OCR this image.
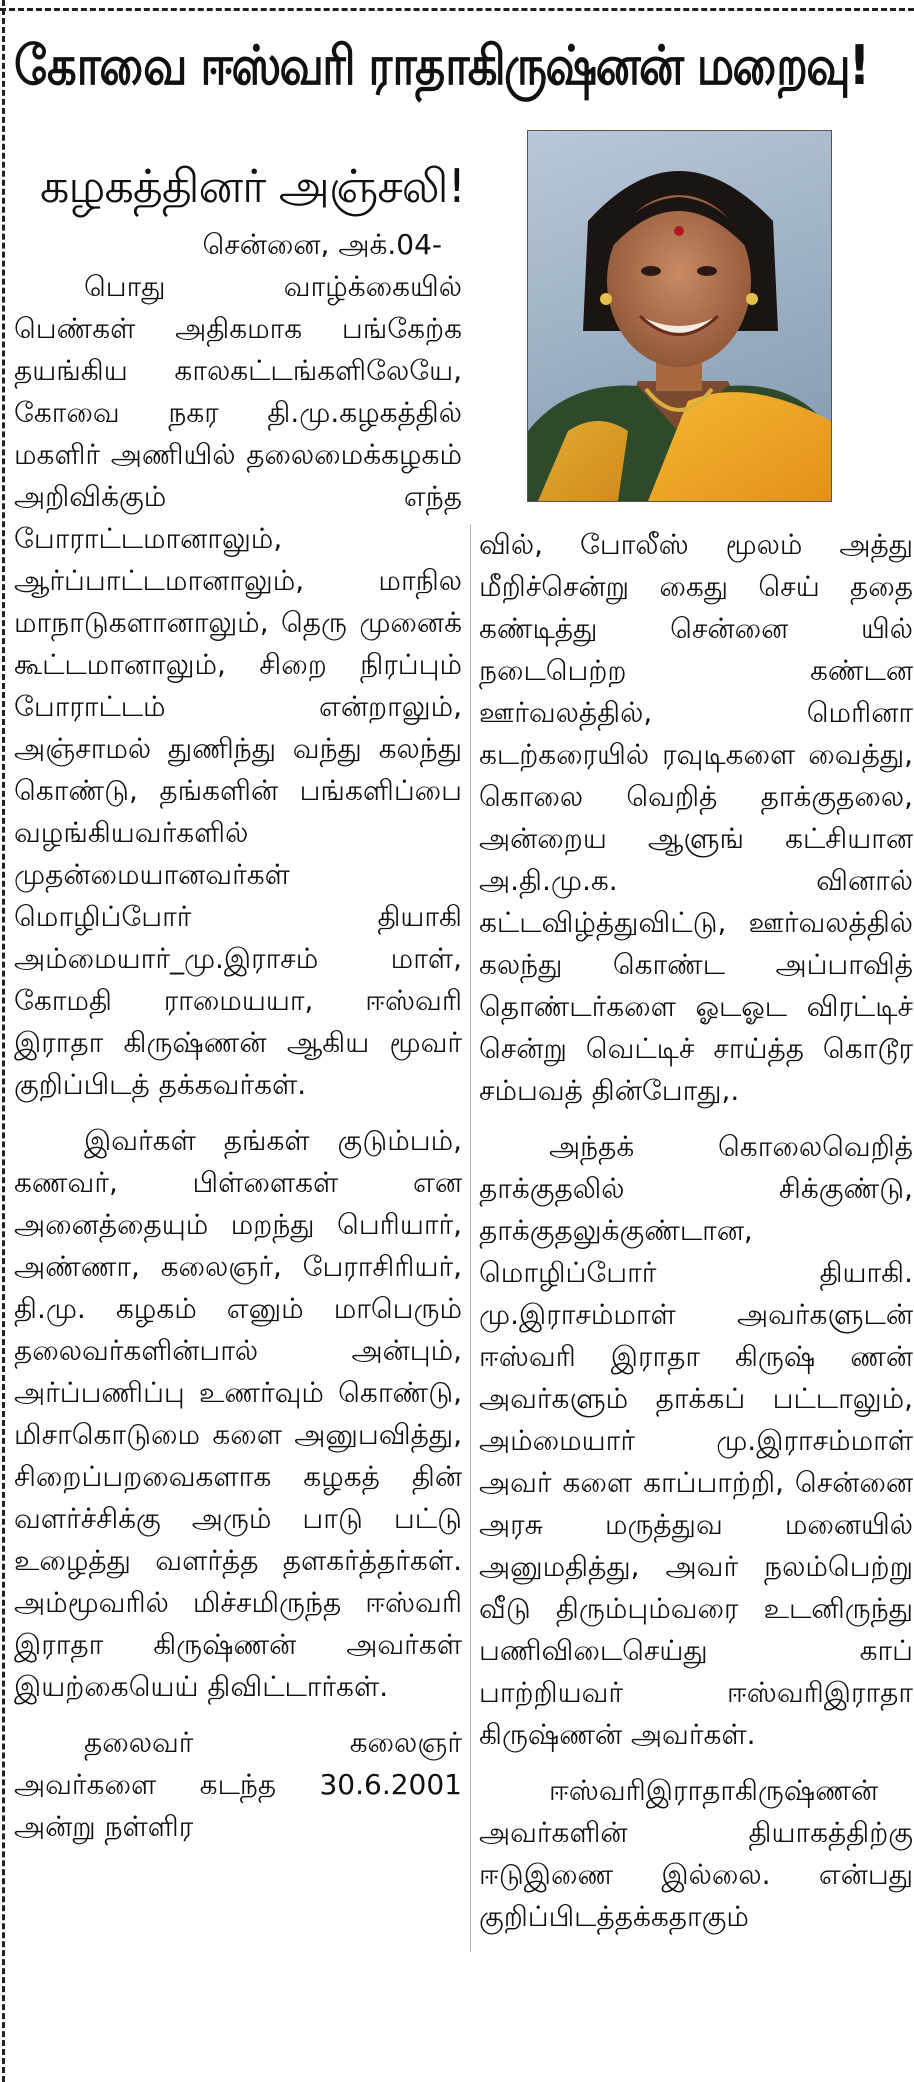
கோவை ஈஸ்வரி ராதாகிருஷ்னன் மறைவு!
கழகத்தினர் அஞ்சலி!

சென்னை, அக்.04-

பொது வாழ்க்கையில் பெண்கள் அதிகமாக பங்கேற்க தயங்கிய காலகட்டங்களிலேயே, கோவை நகர தி.மு.கழகத்தில் மகளிர் அணியில் தலைமைக்கழகம் அறிவிக்கும் எந்த போராட்டமானாலும், ஆர்ப்பாட்டமானாலும், மாநில மாநாடுகளானாலும், தெரு முனைக் கூட்டமானாலும், சிறை நிரப்பும் போராட்டம் என்றாலும், அஞ்சாமல் துணிந்து வந்து கலந்து கொண்டு, தங்களின் பங்களிப்பை வழங்கியவர்களில் முதன்மையானவர்கள் மொழிப்போர் தியாகி அம்மையார்_மு.இராசம் மாள், கோமதி ராமையயா, ஈஸ்வரி இராதா கிருஷ்ணன் ஆகிய மூவர் குறிப்பிடத் தக்கவர்கள்.

இவர்கள் தங்கள் குடும்பம், கணவர், பிள்ளைகள் என அனைத்தையும் மறந்து பெரியார், அண்ணா, கலைஞர், பேராசிரியர், தி.மு. கழகம் எனும் மாபெரும் தலைவர்களின்பால் அன்பும், அர்ப்பணிப்பு உணர்வும் கொண்டு, மிசாகொடுமை களை அனுபவித்து, சிறைப்பறவைகளாக கழகத் தின் வளர்ச்சிக்கு அரும் பாடு பட்டு உழைத்து வளர்த்த தளகர்த்தர்கள். அம்மூவரில் மிச்சமிருந்த ஈஸ்வரி இராதா கிருஷ்ணன் அவர்கள் இயற்கையெய் திவிட்டார்கள்.

தலைவர் கலைஞர் அவர்களை கடந்த 30.6.2001 அன்று நள்ளிர

வில், போலீஸ் மூலம் அத்து மீறிச்சென்று கைது செய் ததை கண்டித்து சென்னை யில் நடைபெற்ற கண்டன ஊர்வலத்தில், மெரினா கடற்கரையில் ரவுடிகளை வைத்து, கொலை வெறித் தாக்குதலை, அன்றைய ஆளுங் கட்சியான அ.தி.மு.க. வினால் கட்டவிழ்த்துவிட்டு, ஊர்வலத்தில் கலந்து கொண்ட அப்பாவித் தொண்டர்களை ஓடஓட விரட்டிச் சென்று வெட்டிச் சாய்த்த கொடூர சம்பவத் தின்போது,.

அந்தக் கொலைவெறித் தாக்குதலில் சிக்குண்டு, தாக்குதலுக்குண்டான, மொழிப்போர் தியாகி. மு.இராசம்மாள் அவர்களுடன் ஈஸ்வரி இராதா கிருஷ் ணன் அவர்களும் தாக்கப் பட்டாலும், அம்மையார் மு.இராசம்மாள் அவர் களை காப்பாற்றி, சென்னை அரசு மருத்துவ மனையில் அனுமதித்து, அவர் நலம்பெற்று வீடு திரும்பும்வரை உடனிருந்து பணிவிடைசெய்து காப் பாற்றியவர் ஈஸ்வரிஇராதா கிருஷ்ணன் அவர்கள்.

ஈஸ்வரிஇராதாகிருஷ்ணன் அவர்களின் தியாகத்திற்கு ஈடுஇணை இல்லை. என்பது குறிப்பிடத்தக்கதாகும்
